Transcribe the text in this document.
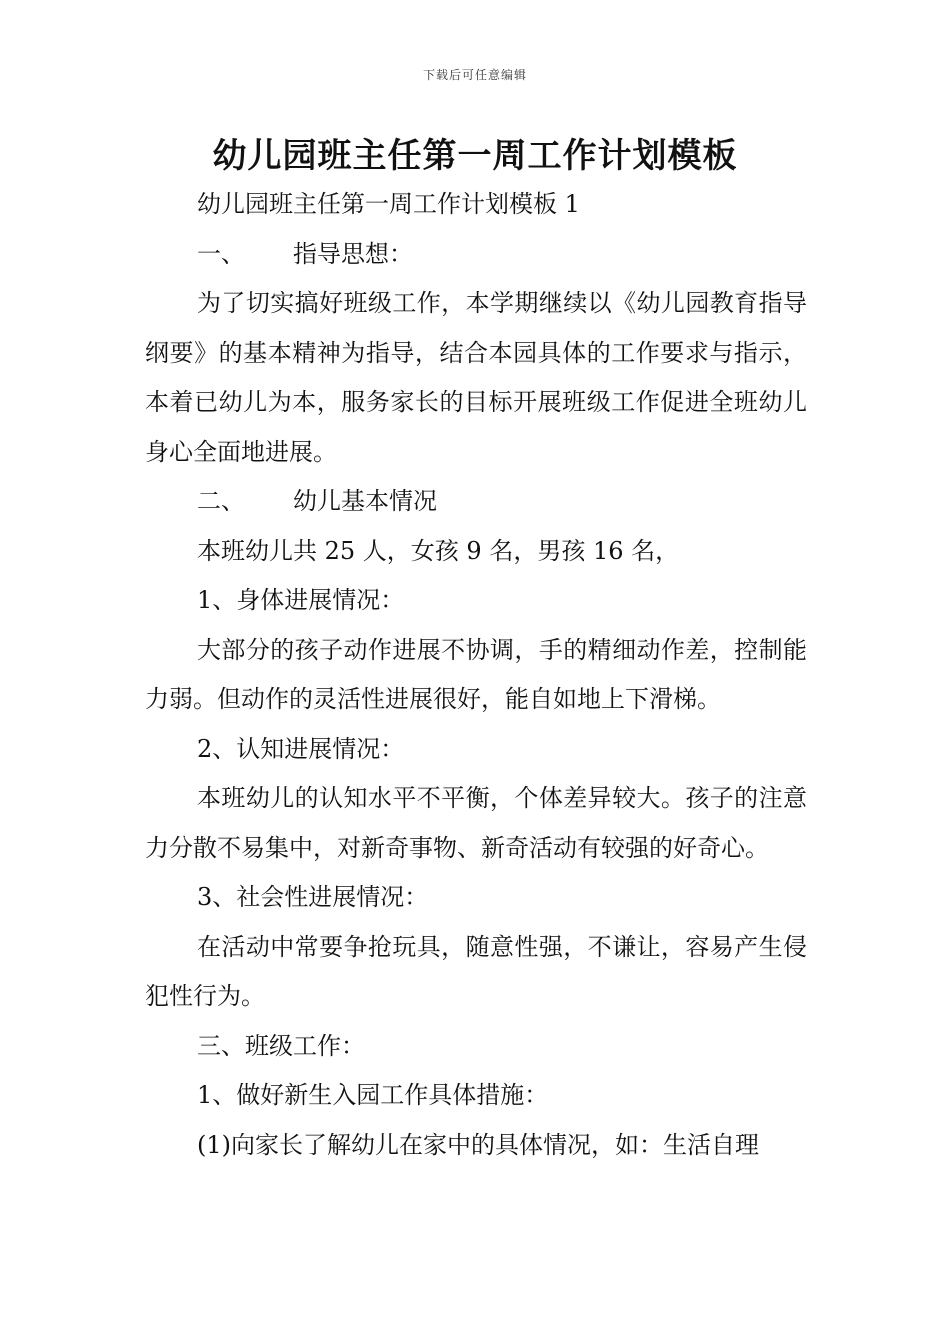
下载后可任意编辑
幼儿园班主任第一周工作计划模板

幼儿园班主任第一周工作计划模板 1

一、 指导思想：

为了切实搞好班级工作，本学期继续以《幼儿园教育指导纲要》的基本精神为指导，结合本园具体的工作要求与指示，本着已幼儿为本，服务家长的目标开展班级工作促进全班幼儿身心全面地进展。

二、 幼儿基本情况

本班幼儿共 25 人，女孩 9 名，男孩 16 名，

1、身体进展情况：

大部分的孩子动作进展不协调，手的精细动作差，控制能力弱。但动作的灵活性进展很好，能自如地上下滑梯。

2、认知进展情况：

本班幼儿的认知水平不平衡，个体差异较大。孩子的注意力分散不易集中，对新奇事物、新奇活动有较强的好奇心。

3、社会性进展情况：

在活动中常要争抢玩具，随意性强，不谦让，容易产生侵犯性行为。

三、班级工作：

1、做好新生入园工作具体措施：

(1)向家长了解幼儿在家中的具体情况，如：生活自理
